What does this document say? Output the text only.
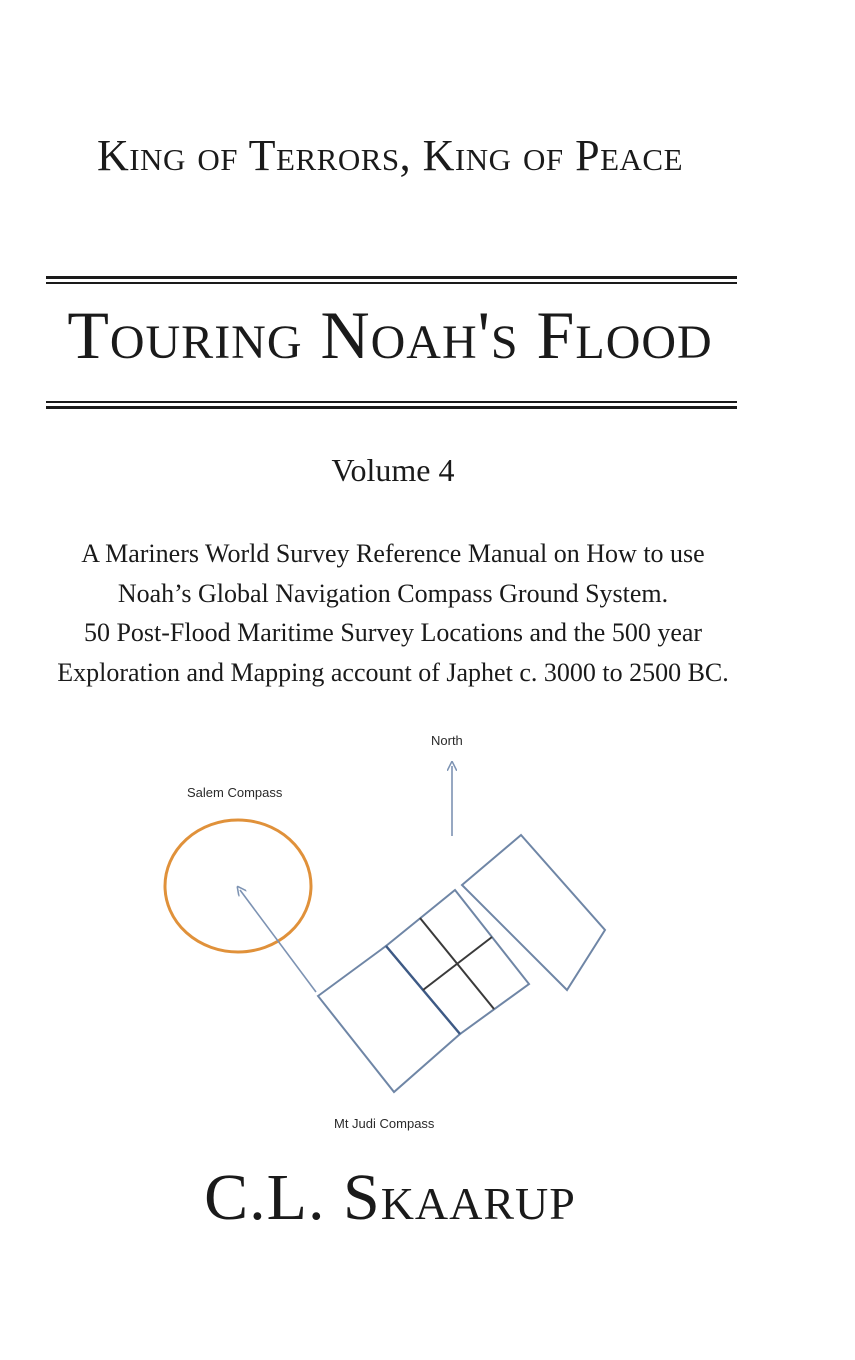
King of Terrors, King of Peace
Touring Noah's Flood
Volume 4
A Mariners World Survey Reference Manual on How to use
Noah’s Global Navigation Compass Ground System.
50 Post-Flood Maritime Survey Locations and the 500 year
Exploration and Mapping account of Japhet c. 3000 to 2500 BC.
North
Salem Compass
Mt Judi Compass
C.L. Skaarup
